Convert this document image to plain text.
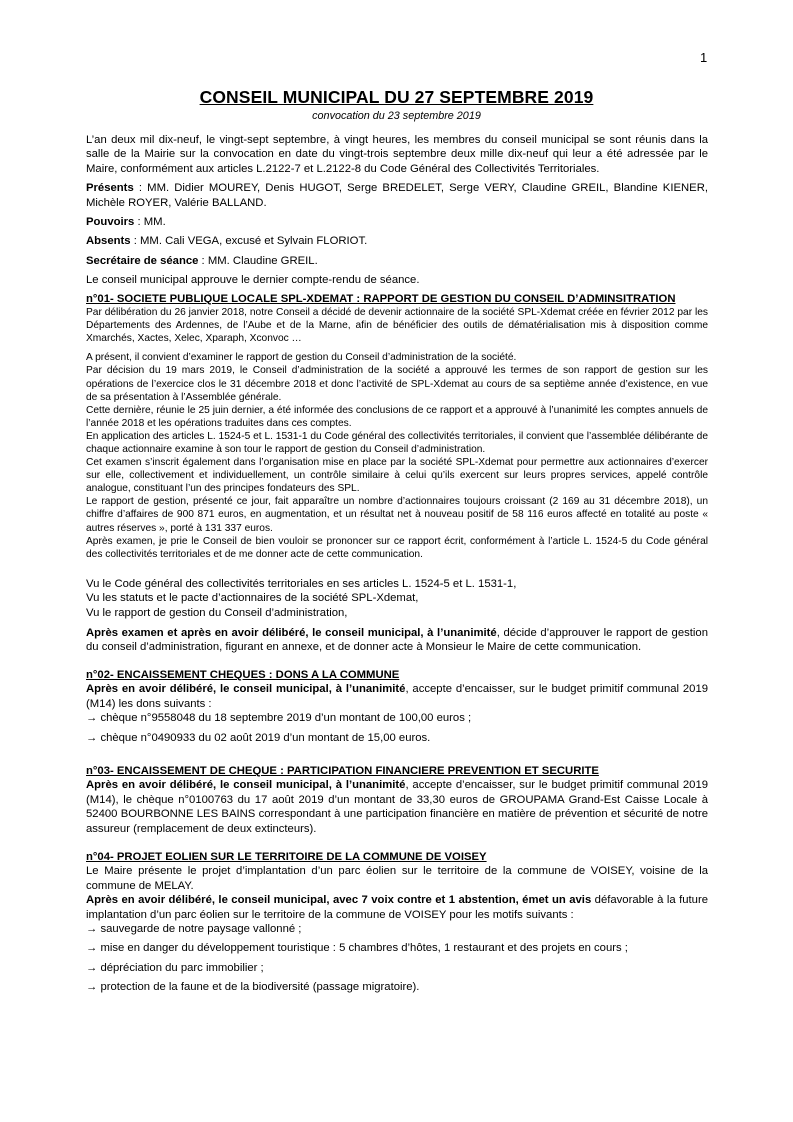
1
CONSEIL MUNICIPAL DU 27 SEPTEMBRE 2019
convocation du 23 septembre 2019

L’an deux mil dix-neuf, le vingt-sept septembre, à vingt heures, les membres du conseil municipal se sont réunis dans la salle de la Mairie sur la convocation en date du vingt-trois septembre deux mille dix-neuf qui leur a été adressée par le Maire, conformément aux articles L.2122-7 et L.2122-8 du Code Général des Collectivités Territoriales.

Présents : MM. Didier MOUREY, Denis HUGOT, Serge BREDELET, Serge VERY, Claudine GREIL, Blandine KIENER, Michèle ROYER, Valérie BALLAND.

Pouvoirs : MM.

Absents : MM. Cali VEGA, excusé et Sylvain FLORIOT.

Secrétaire de séance : MM. Claudine GREIL.

Le conseil municipal approuve le dernier compte-rendu de séance.

n°01- SOCIETE PUBLIQUE LOCALE SPL-XDEMAT : RAPPORT DE GESTION DU CONSEIL D’ADMINSITRATION

Par délibération du 26 janvier 2018, notre Conseil a décidé de devenir actionnaire de la société SPL-Xdemat créée en février 2012 par les Départements des Ardennes, de l’Aube et de la Marne, afin de bénéficier des outils de dématérialisation mis à disposition comme Xmarchés, Xactes, Xelec, Xparaph, Xconvoc …

A présent, il convient d’examiner le rapport de gestion du Conseil d’administration de la société.

Par décision du 19 mars 2019, le Conseil d’administration de la société a approuvé les termes de son rapport de gestion sur les opérations de l’exercice clos le 31 décembre 2018 et donc l’activité de SPL-Xdemat au cours de sa septième année d’existence, en vue de sa présentation à l’Assemblée générale.

Cette dernière, réunie le 25 juin dernier, a été informée des conclusions de ce rapport et a approuvé à l’unanimité les comptes annuels de l’année 2018 et les opérations traduites dans ces comptes.

En application des articles L. 1524-5 et L. 1531-1 du Code général des collectivités territoriales, il convient que l’assemblée délibérante de chaque actionnaire examine à son tour le rapport de gestion du Conseil d’administration.

Cet examen s’inscrit également dans l’organisation mise en place par la société SPL-Xdemat pour permettre aux actionnaires d’exercer sur elle, collectivement et individuellement, un contrôle similaire à celui qu’ils exercent sur leurs propres services, appelé contrôle analogue, constituant l’un des principes fondateurs des SPL.

Le rapport de gestion, présenté ce jour, fait apparaître un nombre d’actionnaires toujours croissant (2 169 au 31 décembre 2018), un chiffre d’affaires de 900 871 euros, en augmentation, et un résultat net à nouveau positif de 58 116 euros affecté en totalité au poste « autres réserves », porté à 131 337 euros.

Après examen, je prie le Conseil de bien vouloir se prononcer sur ce rapport écrit, conformément à l’article L. 1524-5 du Code général des collectivités territoriales et de me donner acte de cette communication.

Vu le Code général des collectivités territoriales en ses articles L. 1524-5 et L. 1531-1,

Vu les statuts et le pacte d’actionnaires de la société SPL-Xdemat,

Vu le rapport de gestion du Conseil d’administration,

Après examen et après en avoir délibéré, le conseil municipal, à l’unanimité, décide d’approuver le rapport de gestion du conseil d’administration, figurant en annexe, et de donner acte à Monsieur le Maire de cette communication.

n°02- ENCAISSEMENT CHEQUES : DONS A LA COMMUNE

Après en avoir délibéré, le conseil municipal, à l’unanimité, accepte d’encaisser, sur le budget primitif communal 2019 (M14) les dons suivants :

→ chèque n°9558048 du 18 septembre 2019 d’un montant de 100,00 euros ;

→ chèque n°0490933 du 02 août 2019 d’un montant de 15,00 euros.

n°03- ENCAISSEMENT DE CHEQUE : PARTICIPATION FINANCIERE PREVENTION ET SECURITE

Après en avoir délibéré, le conseil municipal, à l’unanimité, accepte d’encaisser, sur le budget primitif communal 2019 (M14), le chèque n°0100763 du 17 août 2019 d’un montant de 33,30 euros de GROUPAMA Grand-Est Caisse Locale à 52400 BOURBONNE LES BAINS correspondant à une participation financière en matière de prévention et sécurité de notre assureur (remplacement de deux extincteurs).

n°04- PROJET EOLIEN SUR LE TERRITOIRE DE LA COMMUNE DE VOISEY

Le Maire présente le projet d’implantation d’un parc éolien sur le territoire de la commune de VOISEY, voisine de la commune de MELAY.

Après en avoir délibéré, le conseil municipal, avec 7 voix contre et 1 abstention, émet un avis défavorable à la future implantation d’un parc éolien sur le territoire de la commune de VOISEY pour les motifs suivants :

→ sauvegarde de notre paysage vallonné ;

→ mise en danger du développement touristique : 5 chambres d’hôtes, 1 restaurant et des projets en cours ;

→ dépréciation du parc immobilier ;

→ protection de la faune et de la biodiversité (passage migratoire).
